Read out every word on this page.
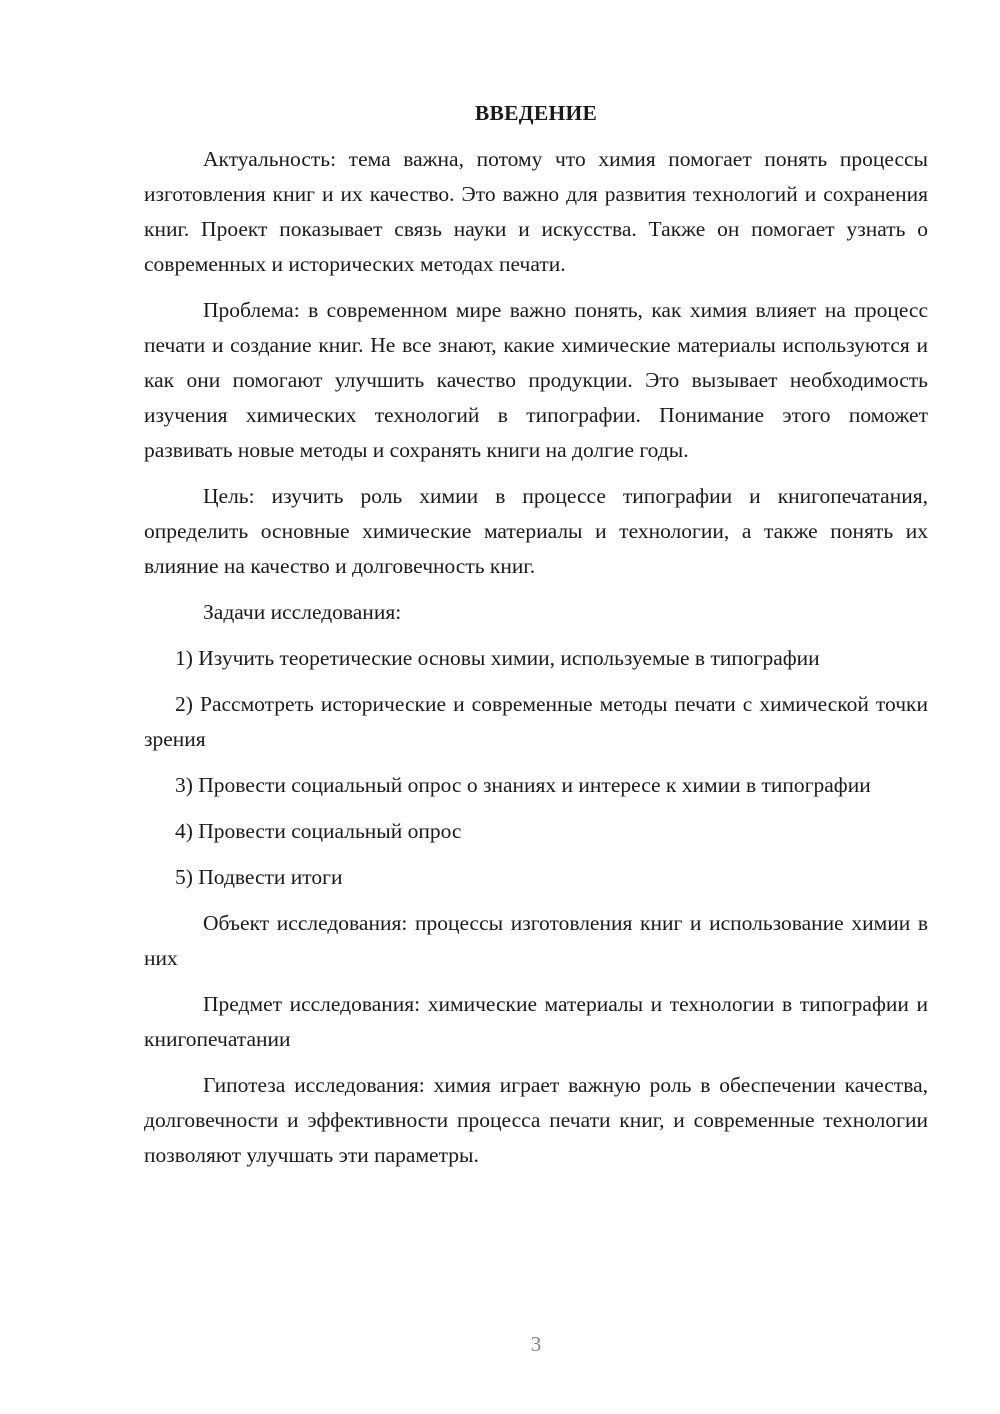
ВВЕДЕНИЕ

Актуальность: тема важна, потому что химия помогает понять процессы изготовления книг и их качество. Это важно для развития технологий и сохранения книг. Проект показывает связь науки и искусства. Также он помогает узнать о современных и исторических методах печати.

Проблема: в современном мире важно понять, как химия влияет на процесс печати и создание книг. Не все знают, какие химические материалы используются и как они помогают улучшить качество продукции. Это вызывает необходимость изучения химических технологий в типографии. Понимание этого поможет развивать новые методы и сохранять книги на долгие годы.

Цель: изучить роль химии в процессе типографии и книгопечатания, определить основные химические материалы и технологии, а также понять их влияние на качество и долговечность книг.

Задачи исследования:

1) Изучить теоретические основы химии, используемые в типографии

2) Рассмотреть исторические и современные методы печати с химической точки зрения

3) Провести социальный опрос о знаниях и интересе к химии в типографии

4) Провести социальный опрос

5) Подвести итоги

Объект исследования: процессы изготовления книг и использование химии в них

Предмет исследования: химические материалы и технологии в типографии и книгопечатании

Гипотеза исследования: химия играет важную роль в обеспечении качества, долговечности и эффективности процесса печати книг, и современные технологии позволяют улучшать эти параметры.

3
